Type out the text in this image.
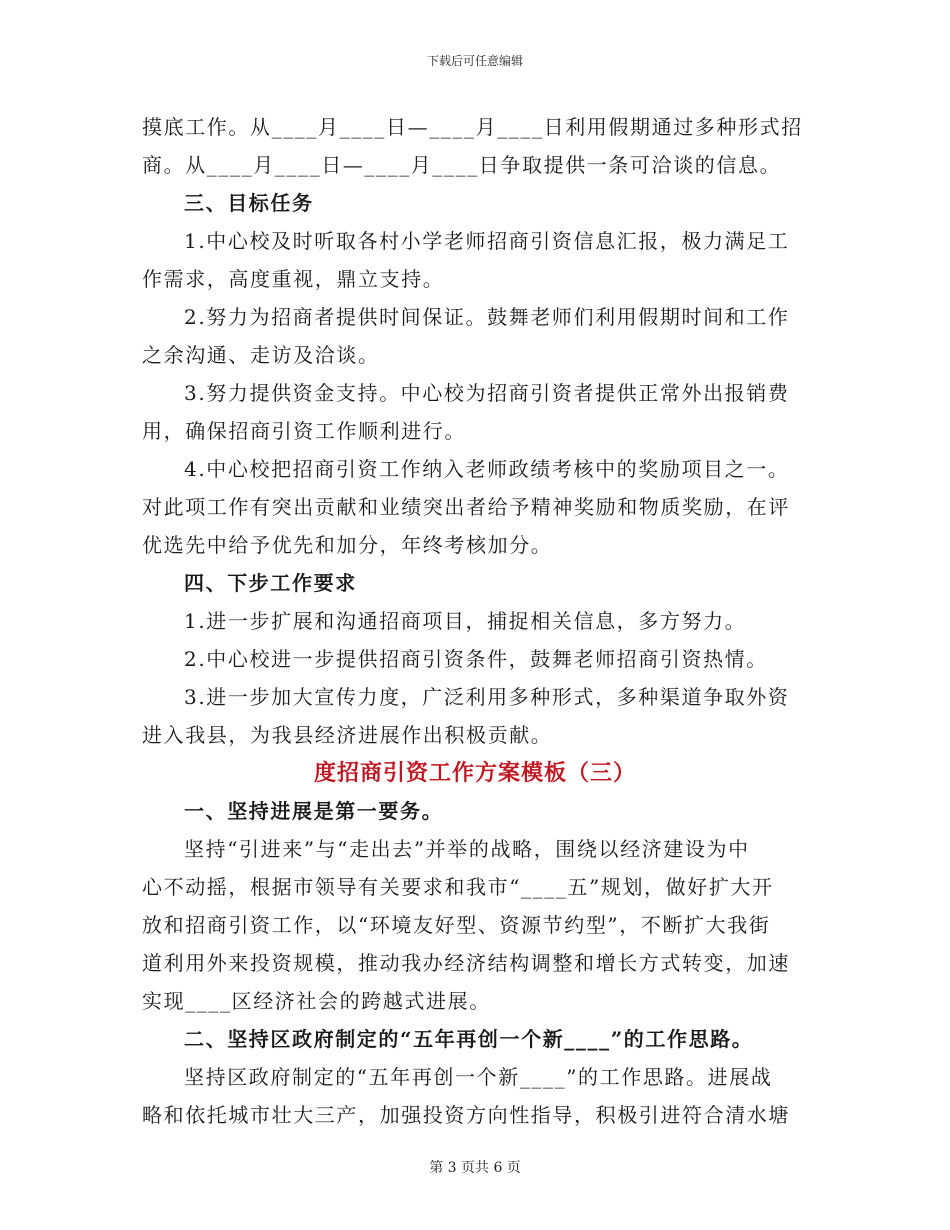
下载后可任意编辑
摸底工作。从____月____日—____月____日利用假期通过多种形式招
商。从____月____日—____月____日争取提供一条可洽谈的信息。
三、目标任务
1.中心校及时听取各村小学老师招商引资信息汇报，极力满足工
作需求，高度重视，鼎立支持。
2.努力为招商者提供时间保证。鼓舞老师们利用假期时间和工作
之余沟通、走访及洽谈。
3.努力提供资金支持。中心校为招商引资者提供正常外出报销费
用，确保招商引资工作顺利进行。
4.中心校把招商引资工作纳入老师政绩考核中的奖励项目之一。
对此项工作有突出贡献和业绩突出者给予精神奖励和物质奖励，在评
优选先中给予优先和加分，年终考核加分。
四、下步工作要求
1.进一步扩展和沟通招商项目，捕捉相关信息，多方努力。
2.中心校进一步提供招商引资条件，鼓舞老师招商引资热情。
3.进一步加大宣传力度，广泛利用多种形式，多种渠道争取外资
进入我县，为我县经济进展作出积极贡献。
度招商引资工作方案模板（三）
一、坚持进展是第一要务。
坚持“引进来”与“走出去”并举的战略，围绕以经济建设为中
心不动摇，根据市领导有关要求和我市“____五”规划，做好扩大开
放和招商引资工作，以“环境友好型、资源节约型”，不断扩大我街
道利用外来投资规模，推动我办经济结构调整和增长方式转变，加速
实现____区经济社会的跨越式进展。
二、坚持区政府制定的“五年再创一个新____”的工作思路。
坚持区政府制定的“五年再创一个新____”的工作思路。进展战
略和依托城市壮大三产，加强投资方向性指导，积极引进符合清水塘
第 3 页共 6 页
